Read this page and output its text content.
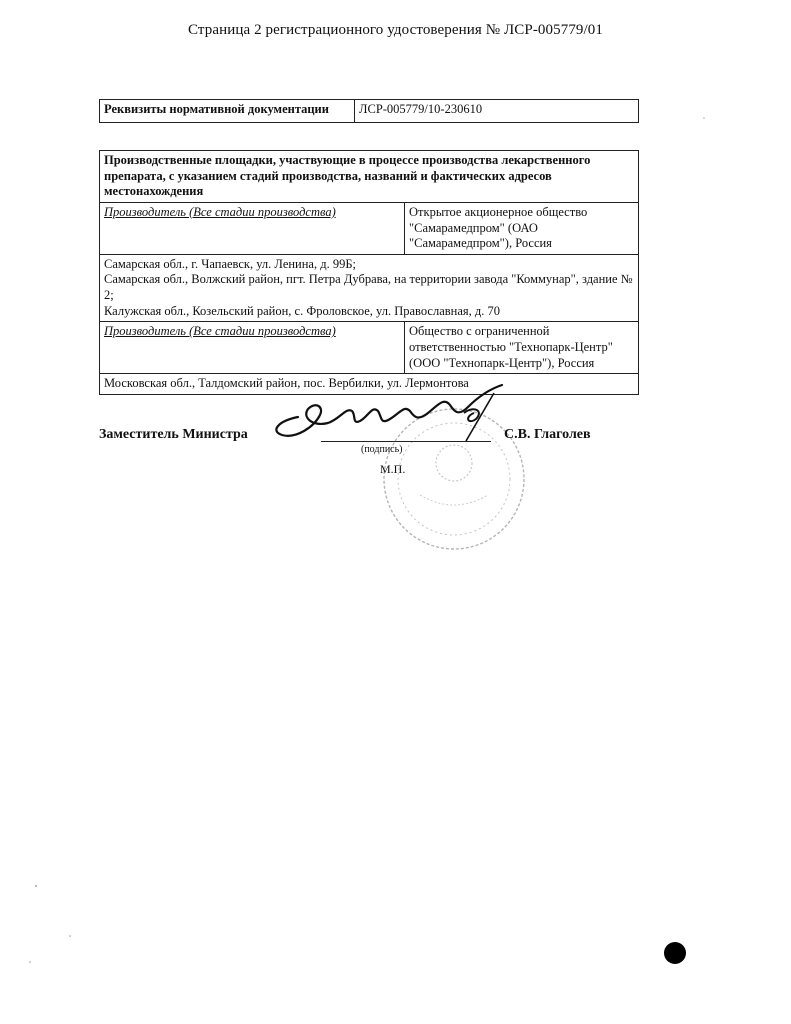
Страница 2 регистрационного удостоверения № ЛСР-005779/01
Реквизиты нормативной документации	ЛСР-005779/10-230610
Производственные площадки, участвующие в процессе производства лекарственного препарата, с указанием стадий производства, названий и фактических адресов местонахождения	
Производитель (Все стадии производства)	Открытое акционерное общество "Самарамедпром" (ОАО "Самарамедпром"), Россия

Самарская обл., г. Чапаевск, ул. Ленина, д. 99Б;
Самарская обл., Волжский район, пгт. Петра Дубрава, на территории завода "Коммунар", здание № 2;
Калужская обл., Козельский район, с. Фроловское, ул. Православная, д. 70	

Производитель (Все стадии производства)	Общество с ограниченной ответственностью "Технопарк-Центр" (ООО "Технопарк-Центр"), Россия

Московская обл., Талдомский район, пос. Вербилки, ул. Лермонтова	
Заместитель Министра
(подпись)
С.В. Глаголев
М.П.
